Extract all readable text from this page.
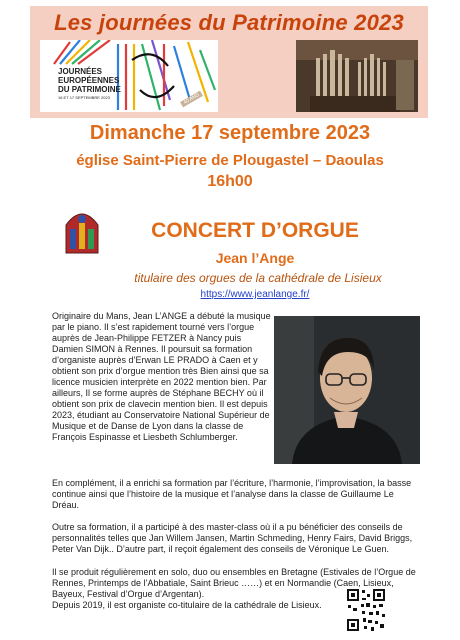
Les journées du Patrimoine 2023
JOURNÉES
EUROPÉENNES
DU PATRIMOINE
16 ET 17 SEPTEMBRE 2023	40 ANS
Dimanche 17 septembre 2023
église Saint-Pierre de Plougastel – Daoulas
16h00
CONCERT D’ORGUE
Jean l’Ange
titulaire des orgues de la cathédrale de Lisieux
https://www.jeanlange.fr/
Originaire du Mans, Jean L’ANGE a débuté la musique par le piano. Il s’est rapidement tourné vers l’orgue auprès de Jean-Philippe FETZER à Nancy puis Damien SIMON à Rennes. Il poursuit sa formation d’organiste auprès d’Erwan LE PRADO à Caen et y obtient son prix d’orgue mention très Bien ainsi que sa licence musicien interprète en 2022 mention bien. Par ailleurs, Il se forme auprès de Stéphane BECHY où il obtient son prix de clavecin mention bien. Il est depuis 2023, étudiant au Conservatoire National Supérieur de Musique et de Danse de Lyon dans la classe de François Espinasse et Liesbeth Schlumberger.
En complément, il a enrichi sa formation par l’écriture, l’harmonie, l’improvisation, la basse continue ainsi que l’histoire de la musique et l’analyse dans la classe de Guillaume Le Dréau.
Outre sa formation, il a participé à des master-class où il a pu bénéficier des conseils de personnalités telles que Jan Willem Jansen, Martin Schmeding, Henry Fairs, David Briggs, Peter Van Dijk.. D’autre part, il reçoit également des conseils de Véronique Le Guen.
Il se produit régulièrement en solo, duo ou ensembles en Bretagne (Estivales de l’Orgue de Rennes, Printemps de l’Abbatiale, Saint Brieuc ……) et en Normandie (Caen, Lisieux, Bayeux, Festival d’Orgue d’Argentan).
Depuis 2019, il est organiste co-titulaire de la cathédrale de Lisieux.
